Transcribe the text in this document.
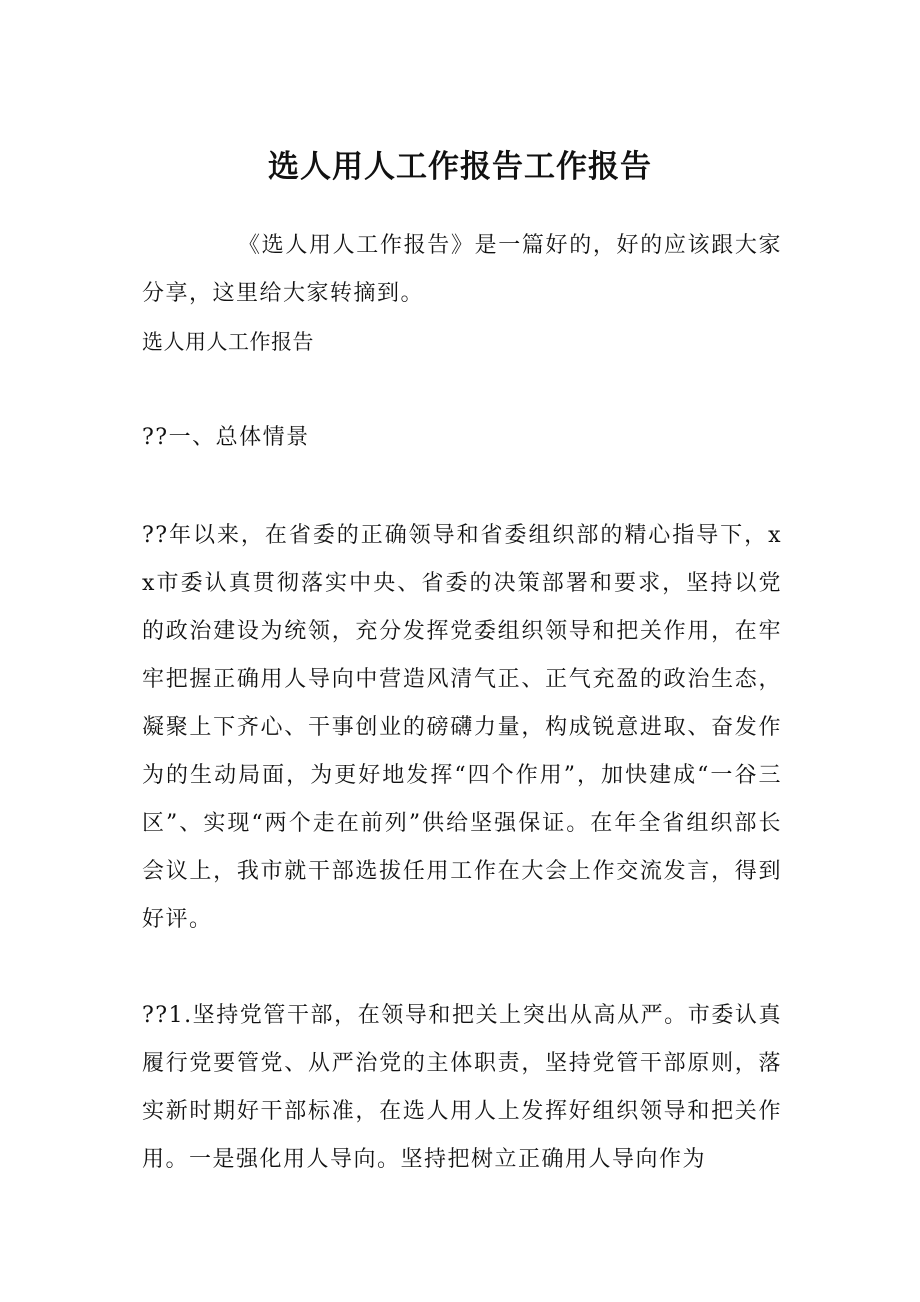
选人用人工作报告工作报告

《选人用人工作报告》是一篇好的，好的应该跟大家分享，这里给大家转摘到。

选人用人工作报告

??一、总体情景

??年以来，在省委的正确领导和省委组织部的精心指导下，xx市委认真贯彻落实中央、省委的决策部署和要求，坚持以党的政治建设为统领，充分发挥党委组织领导和把关作用，在牢牢把握正确用人导向中营造风清气正、正气充盈的政治生态，凝聚上下齐心、干事创业的磅礴力量，构成锐意进取、奋发作为的生动局面，为更好地发挥“四个作用”，加快建成“一谷三区”、实现“两个走在前列”供给坚强保证。在年全省组织部长会议上，我市就干部选拔任用工作在大会上作交流发言，得到好评。

??1.坚持党管干部，在领导和把关上突出从高从严。市委认真履行党要管党、从严治党的主体职责，坚持党管干部原则，落实新时期好干部标准，在选人用人上发挥好组织领导和把关作用。一是强化用人导向。坚持把树立正确用人导向作为
